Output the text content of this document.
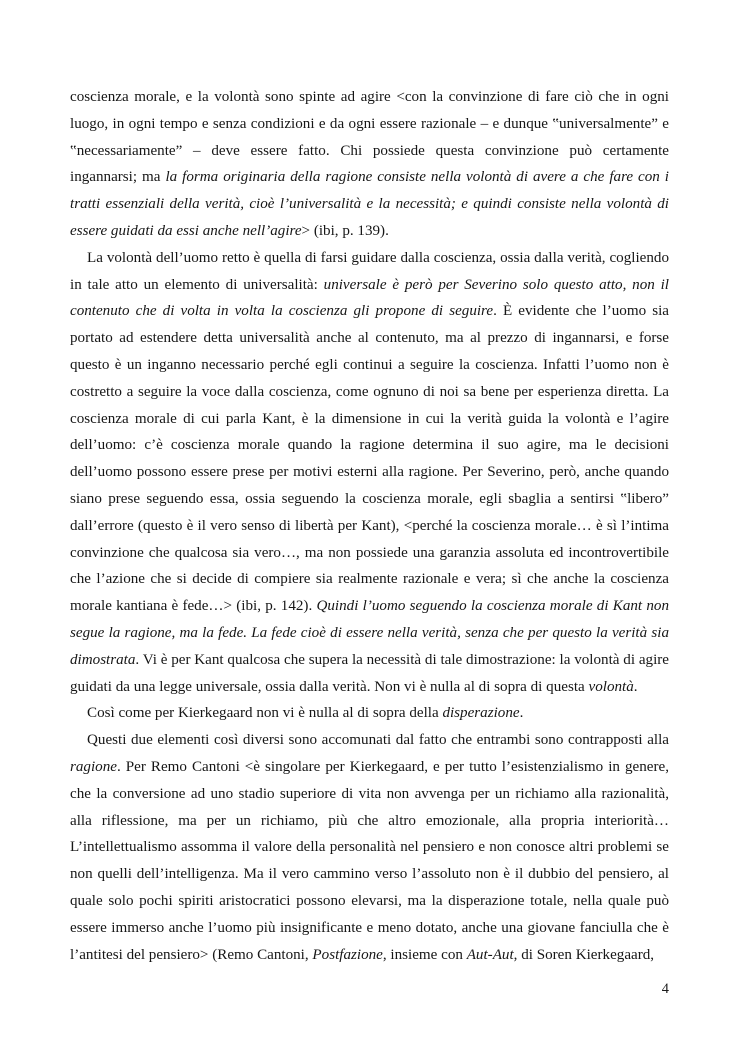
coscienza morale, e la volontà sono spinte ad agire <con la convinzione di fare ciò che in ogni luogo, in ogni tempo e senza condizioni e da ogni essere razionale – e dunque ‟universalmente” e ‟necessariamente” – deve essere fatto. Chi possiede questa convinzione può certamente ingannarsi; ma la forma originaria della ragione consiste nella volontà di avere a che fare con i tratti essenziali della verità, cioè l’universalità e la necessità; e quindi consiste nella volontà di essere guidati da essi anche nell’agire> (ibi, p. 139).

La volontà dell’uomo retto è quella di farsi guidare dalla coscienza, ossia dalla verità, cogliendo in tale atto un elemento di universalità: universale è però per Severino solo questo atto, non il contenuto che di volta in volta la coscienza gli propone di seguire. È evidente che l’uomo sia portato ad estendere detta universalità anche al contenuto, ma al prezzo di ingannarsi, e forse questo è un inganno necessario perché egli continui a seguire la coscienza. Infatti l’uomo non è costretto a seguire la voce dalla coscienza, come ognuno di noi sa bene per esperienza diretta. La coscienza morale di cui parla Kant, è la dimensione in cui la verità guida la volontà e l’agire dell’uomo: c’è coscienza morale quando la ragione determina il suo agire, ma le decisioni dell’uomo possono essere prese per motivi esterni alla ragione. Per Severino, però, anche quando siano prese seguendo essa, ossia seguendo la coscienza morale, egli sbaglia a sentirsi ‟libero” dall’errore (questo è il vero senso di libertà per Kant), <perché la coscienza morale… è sì l’intima convinzione che qualcosa sia vero…, ma non possiede una garanzia assoluta ed incontrovertibile che l’azione che si decide di compiere sia realmente razionale e vera; sì che anche la coscienza morale kantiana è fede…> (ibi, p. 142). Quindi l’uomo seguendo la coscienza morale di Kant non segue la ragione, ma la fede. La fede cioè di essere nella verità, senza che per questo la verità sia dimostrata. Vi è per Kant qualcosa che supera la necessità di tale dimostrazione: la volontà di agire guidati da una legge universale, ossia dalla verità. Non vi è nulla al di sopra di questa volontà.

Così come per Kierkegaard non vi è nulla al di sopra della disperazione.

Questi due elementi così diversi sono accomunati dal fatto che entrambi sono contrapposti alla ragione. Per Remo Cantoni <è singolare per Kierkegaard, e per tutto l’esistenzialismo in genere, che la conversione ad uno stadio superiore di vita non avvenga per un richiamo alla razionalità, alla riflessione, ma per un richiamo, più che altro emozionale, alla propria interiorità… L’intellettualismo assomma il valore della personalità nel pensiero e non conosce altri problemi se non quelli dell’intelligenza. Ma il vero cammino verso l’assoluto non è il dubbio del pensiero, al quale solo pochi spiriti aristocratici possono elevarsi, ma la disperazione totale, nella quale può essere immerso anche l’uomo più insignificante e meno dotato, anche una giovane fanciulla che è l’antitesi del pensiero> (Remo Cantoni, Postfazione, insieme con Aut-Aut, di Soren Kierkegaard,

4
